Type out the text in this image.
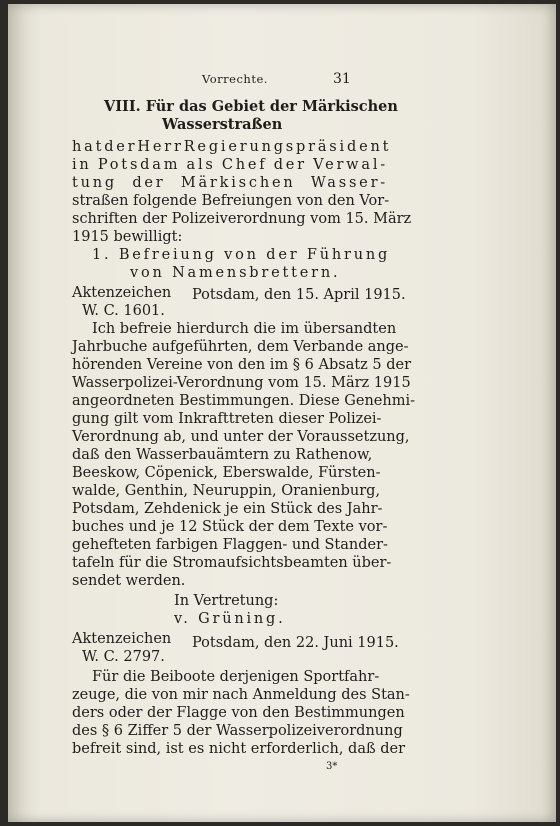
Vorrechte.	31
VIII. Für das Gebiet der Märkischen
Wasserstraßen
hat der Herr Regierungspräsident
in Potsdam als Chef der Verwal-
tung der Märkischen Wasser-
straßen folgende Befreiungen von den Vor-
schriften der Polizeiverordnung vom 15. März
1915 bewilligt:
1. Befreiung von der Führung
von Namensbrettern.
Aktenzeichen Potsdam, den 15. April 1915.
W. C. 1601.
Ich befreie hierdurch die im übersandten
Jahrbuche aufgeführten, dem Verbande ange-
hörenden Vereine von den im § 6 Absatz 5 der
Wasserpolizei-Verordnung vom 15. März 1915
angeordneten Bestimmungen. Diese Genehmi-
gung gilt vom Inkrafttreten dieser Polizei-
Verordnung ab, und unter der Voraussetzung,
daß den Wasserbauämtern zu Rathenow,
Beeskow, Cöpenick, Eberswalde, Fürsten-
walde, Genthin, Neuruppin, Oranienburg,
Potsdam, Zehdenick je ein Stück des Jahr-
buches und je 12 Stück der dem Texte vor-
gehefteten farbigen Flaggen- und Stander-
tafeln für die Stromaufsichtsbeamten über-
sendet werden.
In Vertretung:
v. Grüning.
Aktenzeichen Potsdam, den 22. Juni 1915.
W. C. 2797.
Für die Beiboote derjenigen Sportfahr-
zeuge, die von mir nach Anmeldung des Stan-
ders oder der Flagge von den Bestimmungen
des § 6 Ziffer 5 der Wasserpolizeiverordnung
befreit sind, ist es nicht erforderlich, daß der
3*
